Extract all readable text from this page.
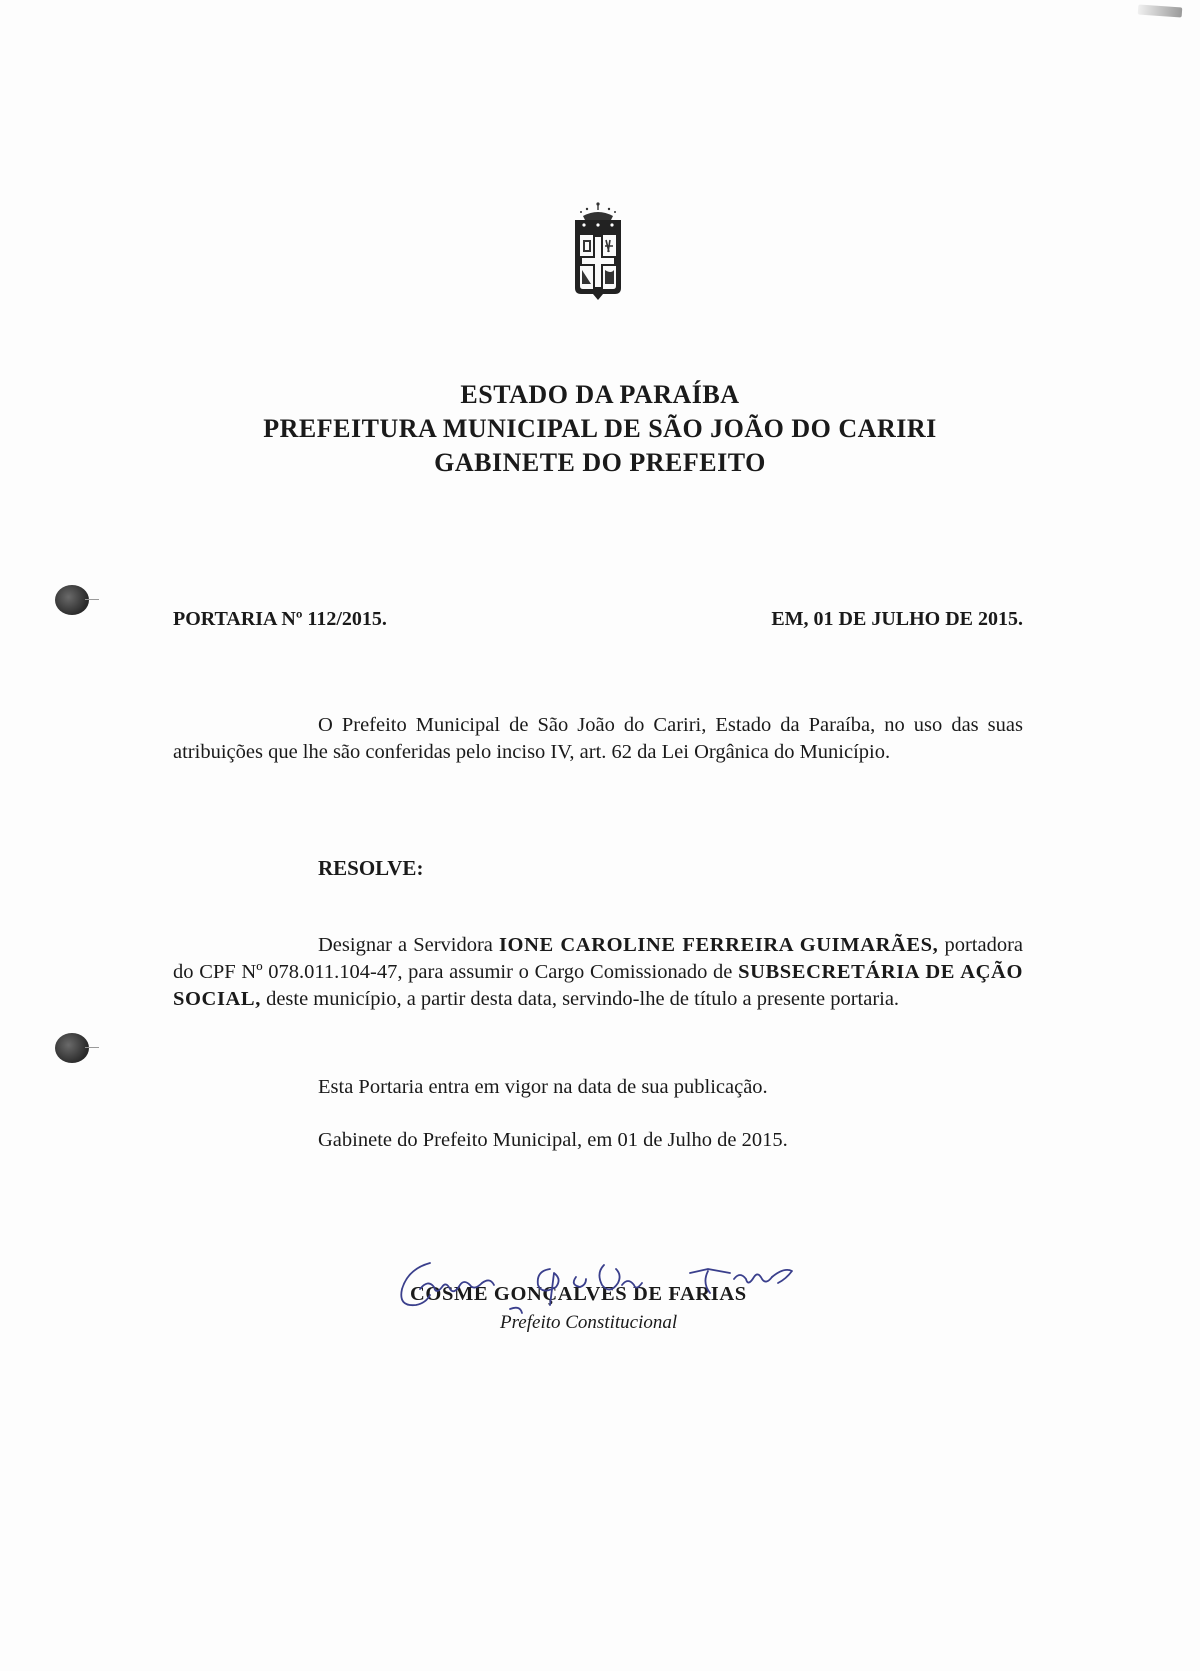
ESTADO DA PARAÍBA
PREFEITURA MUNICIPAL DE SÃO JOÃO DO CARIRI
GABINETE DO PREFEITO
PORTARIA Nº 112/2015.	EM, 01 DE JULHO DE 2015.
O Prefeito Municipal de São João do Cariri, Estado da Paraíba, no uso das suas atribuições que lhe são conferidas pelo inciso IV, art. 62 da Lei Orgânica do Município.
RESOLVE:
Designar a Servidora IONE CAROLINE FERREIRA GUIMARÃES, portadora do CPF Nº 078.011.104-47, para assumir o Cargo Comissionado de SUBSECRETÁRIA DE AÇÃO SOCIAL, deste município, a partir desta data, servindo-lhe de título a presente portaria.
Esta Portaria entra em vigor na data de sua publicação.
Gabinete do Prefeito Municipal, em 01 de Julho de 2015.
COSME GONÇALVES DE FARIAS
Prefeito Constitucional
